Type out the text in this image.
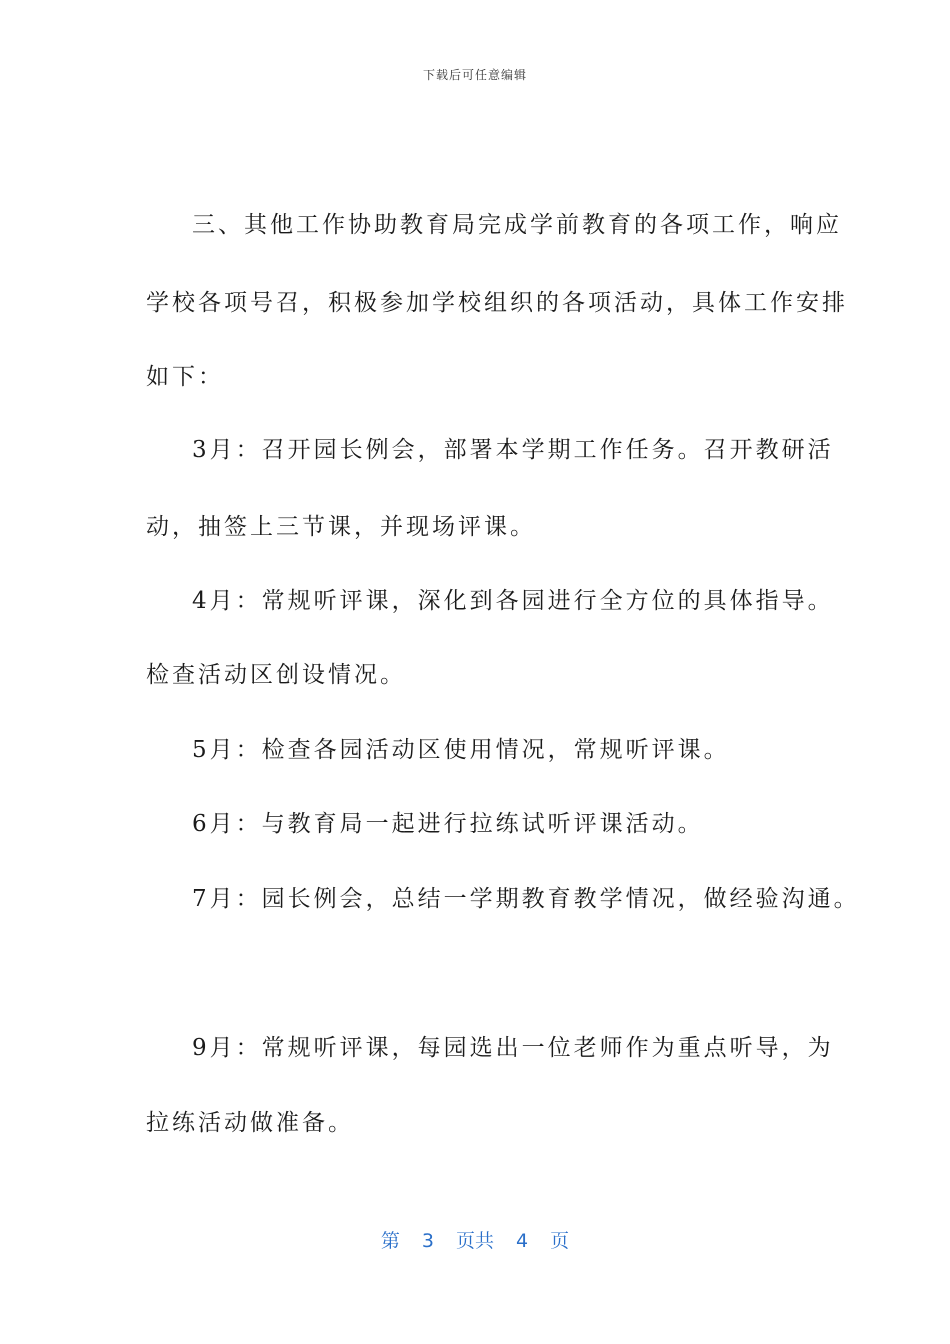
下载后可任意编辑
三、其他工作协助教育局完成学前教育的各项工作，响应
学校各项号召，积极参加学校组织的各项活动，具体工作安排
如下：
3月：召开园长例会，部署本学期工作任务。召开教研活
动，抽签上三节课，并现场评课。
4月：常规听评课，深化到各园进行全方位的具体指导。
检查活动区创设情况。
5月：检查各园活动区使用情况，常规听评课。
6月：与教育局一起进行拉练试听评课活动。
7月：园长例会，总结一学期教育教学情况，做经验沟通。
9月：常规听评课，每园选出一位老师作为重点听导，为
拉练活动做准备。
第 3 页共 4 页
